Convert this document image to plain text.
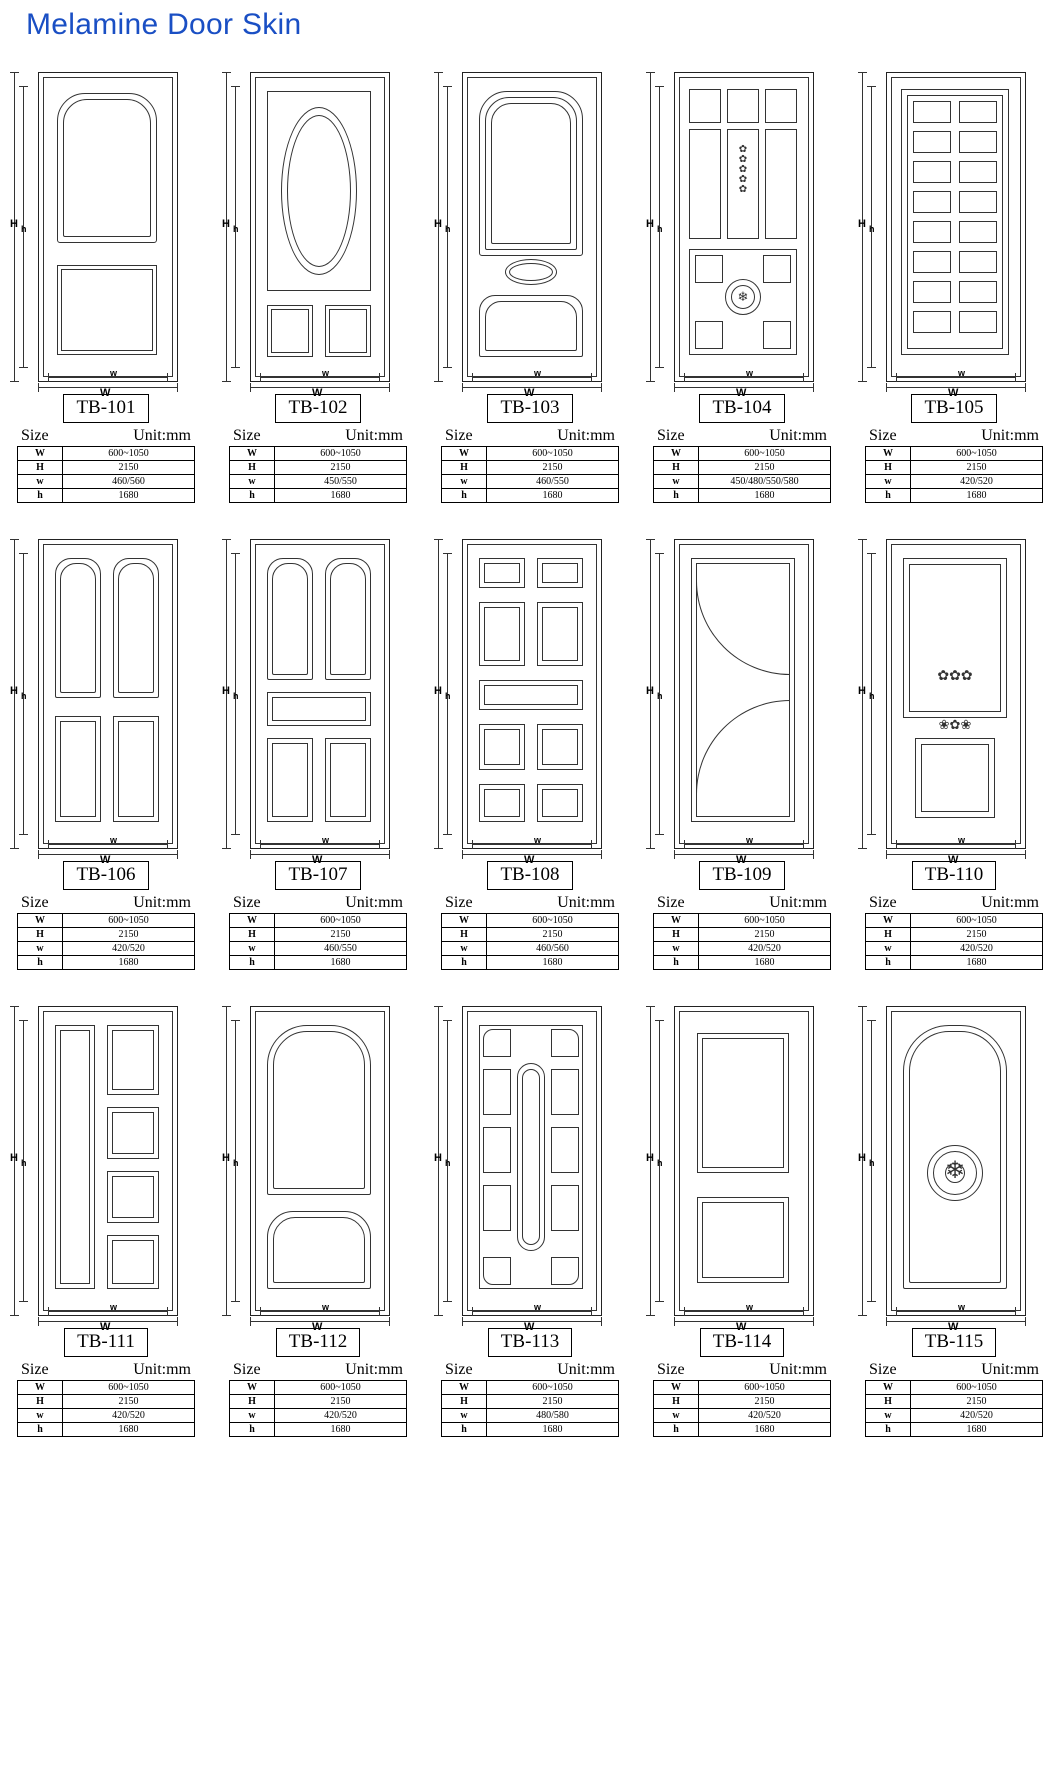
Melamine Door Skin
H h
W
w
TB-101
Size	Unit:mm
W	600~1050
H	2150
w	460/560
h	1680
H h
W
w
TB-102
Size	Unit:mm
W	600~1050
H	2150
w	450/550
h	1680
H h
W
w
TB-103
Size	Unit:mm
W	600~1050
H	2150
w	460/550
h	1680
H h
✿
✿
✿
✿
✿
❄
W
w
TB-104
Size	Unit:mm
W	600~1050
H	2150
w	450/480/550/580
h	1680
H h
W
w
TB-105
Size	Unit:mm
W	600~1050
H	2150
w	420/520
h	1680
H h
W
w
TB-106
Size	Unit:mm
W	600~1050
H	2150
w	420/520
h	1680
H h
W
w
TB-107
Size	Unit:mm
W	600~1050
H	2150
w	460/550
h	1680
H h
W
w
TB-108
Size	Unit:mm
W	600~1050
H	2150
w	460/560
h	1680
H h
W
w
TB-109
Size	Unit:mm
W	600~1050
H	2150
w	420/520
h	1680
H h
✿✿✿
❀✿❀
W
w
TB-110
Size	Unit:mm
W	600~1050
H	2150
w	420/520
h	1680
H h
W
w
TB-111
Size	Unit:mm
W	600~1050
H	2150
w	420/520
h	1680
H h
W
w
TB-112
Size	Unit:mm
W	600~1050
H	2150
w	420/520
h	1680
H h
W
w
TB-113
Size	Unit:mm
W	600~1050
H	2150
w	480/580
h	1680
H h
W
w
TB-114
Size	Unit:mm
W	600~1050
H	2150
w	420/520
h	1680
H h	❄
W
w
TB-115
Size	Unit:mm
W	600~1050
H	2150
w	420/520
h	1680
